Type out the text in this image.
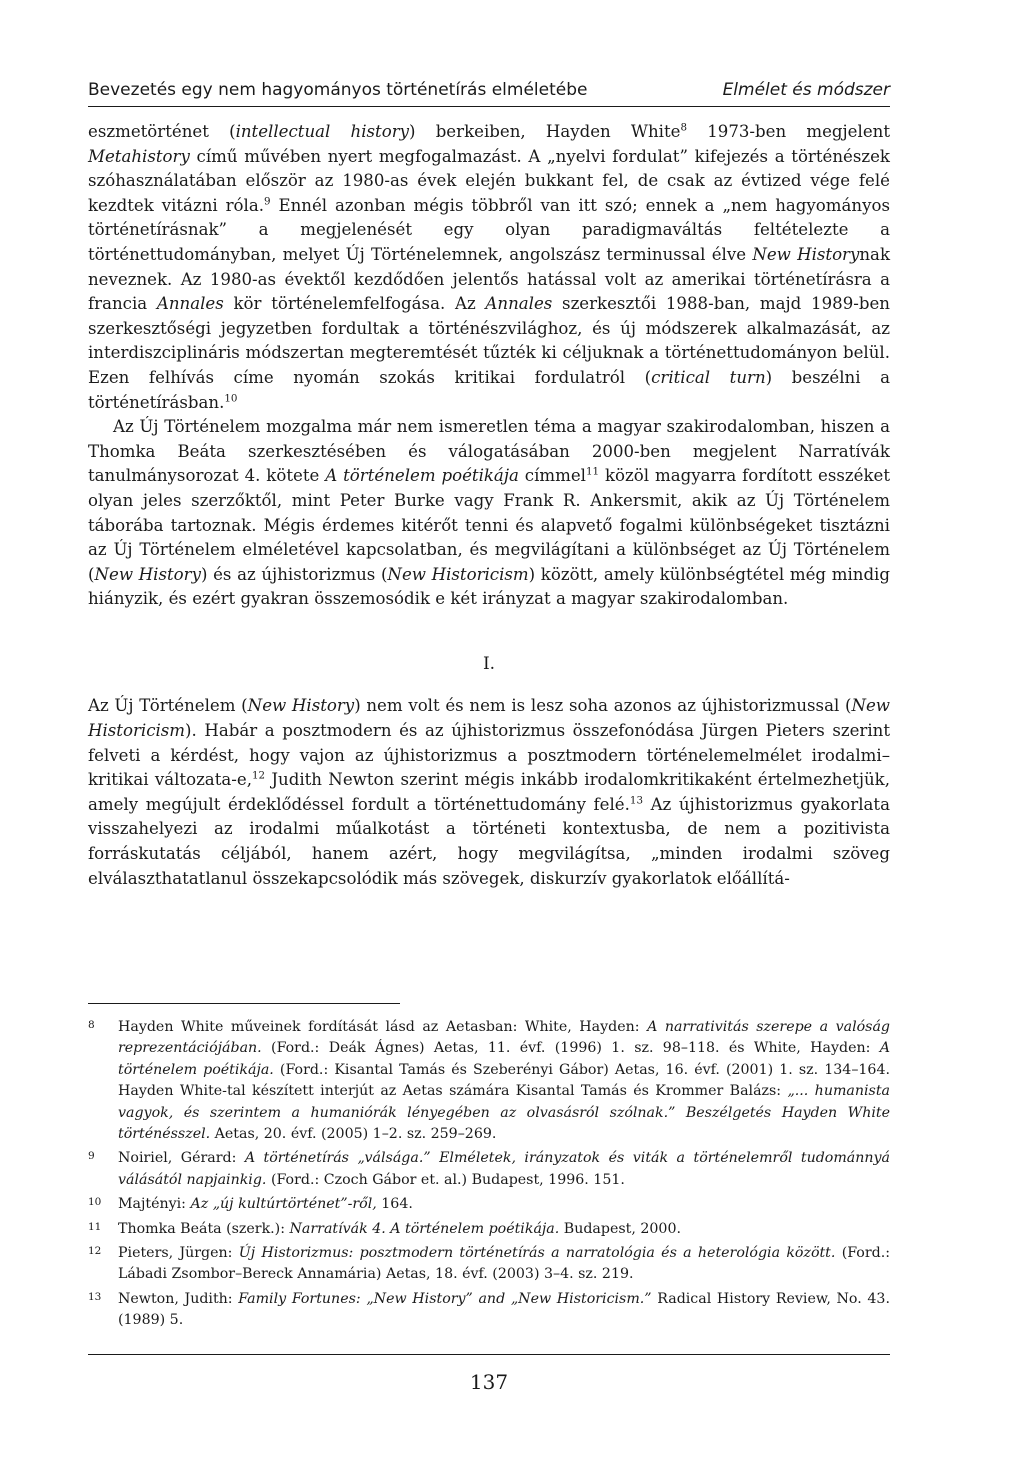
Bevezetés egy nem hagyományos történetírás elméletébe	Elmélet és módszer

eszmetörténet (intellectual history) berkeiben, Hayden White$^8$ 1973-ben megjelent Metahistory című művében nyert megfogalmazást. A „nyelvi fordulat” kifejezés a történészek szóhasználatában először az 1980-as évek elején bukkant fel, de csak az évtized vége felé kezdtek vitázni róla.$^9$ Ennél azonban mégis többről van itt szó; ennek a „nem hagyományos történetírásnak” a megjelenését egy olyan paradigmaváltás feltételezte a történettudományban, melyet Új Történelemnek, angolszász terminussal élve New Historynak neveznek. Az 1980-as évektől kezdődően jelentős hatással volt az amerikai történetírásra a francia Annales kör történelemfelfogása. Az Annales szerkesztői 1988-ban, majd 1989-ben szerkesztőségi jegyzetben fordultak a történészvilághoz, és új módszerek alkalmazását, az interdiszciplináris módszertan megteremtését tűzték ki céljuknak a történettudományon belül. Ezen felhívás címe nyomán szokás kritikai fordulatról (critical turn) beszélni a történetírásban.$^{10}$

Az Új Történelem mozgalma már nem ismeretlen téma a magyar szakirodalomban, hiszen a Thomka Beáta szerkesztésében és válogatásában 2000-ben megjelent Narratívák tanulmánysorozat 4. kötete A történelem poétikája címmel$^{11}$ közöl magyarra fordított esszéket olyan jeles szerzőktől, mint Peter Burke vagy Frank R. Ankersmit, akik az Új Történelem táborába tartoznak. Mégis érdemes kitérőt tenni és alapvető fogalmi különbségeket tisztázni az Új Történelem elméletével kapcsolatban, és megvilágítani a különbséget az Új Történelem (New History) és az újhistorizmus (New Historicism) között, amely különbségtétel még mindig hiányzik, és ezért gyakran összemosódik e két irányzat a magyar szakirodalomban.

I.

Az Új Történelem (New History) nem volt és nem is lesz soha azonos az újhistorizmussal (New Historicism). Habár a posztmodern és az újhistorizmus összefonódása Jürgen Pieters szerint felveti a kérdést, hogy vajon az újhistorizmus a posztmodern történelemelmélet irodalmi–kritikai változata-e,$^{12}$ Judith Newton szerint mégis inkább irodalomkritikaként értelmezhetjük, amely megújult érdeklődéssel fordult a történettudomány felé.$^{13}$ Az újhistorizmus gyakorlata visszahelyezi az irodalmi műalkotást a történeti kontextusba, de nem a pozitivista forráskutatás céljából, hanem azért, hogy megvilágítsa, „minden irodalmi szöveg elválaszthatatlanul összekapcsolódik más szövegek, diskurzív gyakorlatok előállítá-

8	Hayden White műveinek fordítását lásd az Aetasban: White, Hayden: A narrativitás szerepe a valóság reprezentációjában. (Ford.: Deák Ágnes) Aetas, 11. évf. (1996) 1. sz. 98–118. és White, Hayden: A történelem poétikája. (Ford.: Kisantal Tamás és Szeberényi Gábor) Aetas, 16. évf. (2001) 1. sz. 134–164. Hayden White-tal készített interjút az Aetas számára Kisantal Tamás és Krommer Balázs: „... humanista vagyok, és szerintem a humaniórák lényegében az olvasásról szólnak.” Beszélgetés Hayden White történésszel. Aetas, 20. évf. (2005) 1–2. sz. 259–269.
9	Noiriel, Gérard: A történetírás „válsága.” Elméletek, irányzatok és viták a történelemről tudománnyá válásától napjainkig. (Ford.: Czoch Gábor et. al.) Budapest, 1996. 151.
10	Majtényi: Az „új kultúrtörténet”-ről, 164.
11	Thomka Beáta (szerk.): Narratívák 4. A történelem poétikája. Budapest, 2000.
12	Pieters, Jürgen: Új Historizmus: posztmodern történetírás a narratológia és a heterológia között. (Ford.: Lábadi Zsombor–Bereck Annamária) Aetas, 18. évf. (2003) 3–4. sz. 219.
13	Newton, Judith: Family Fortunes: „New History” and „New Historicism.” Radical History Review, No. 43. (1989) 5.
137
